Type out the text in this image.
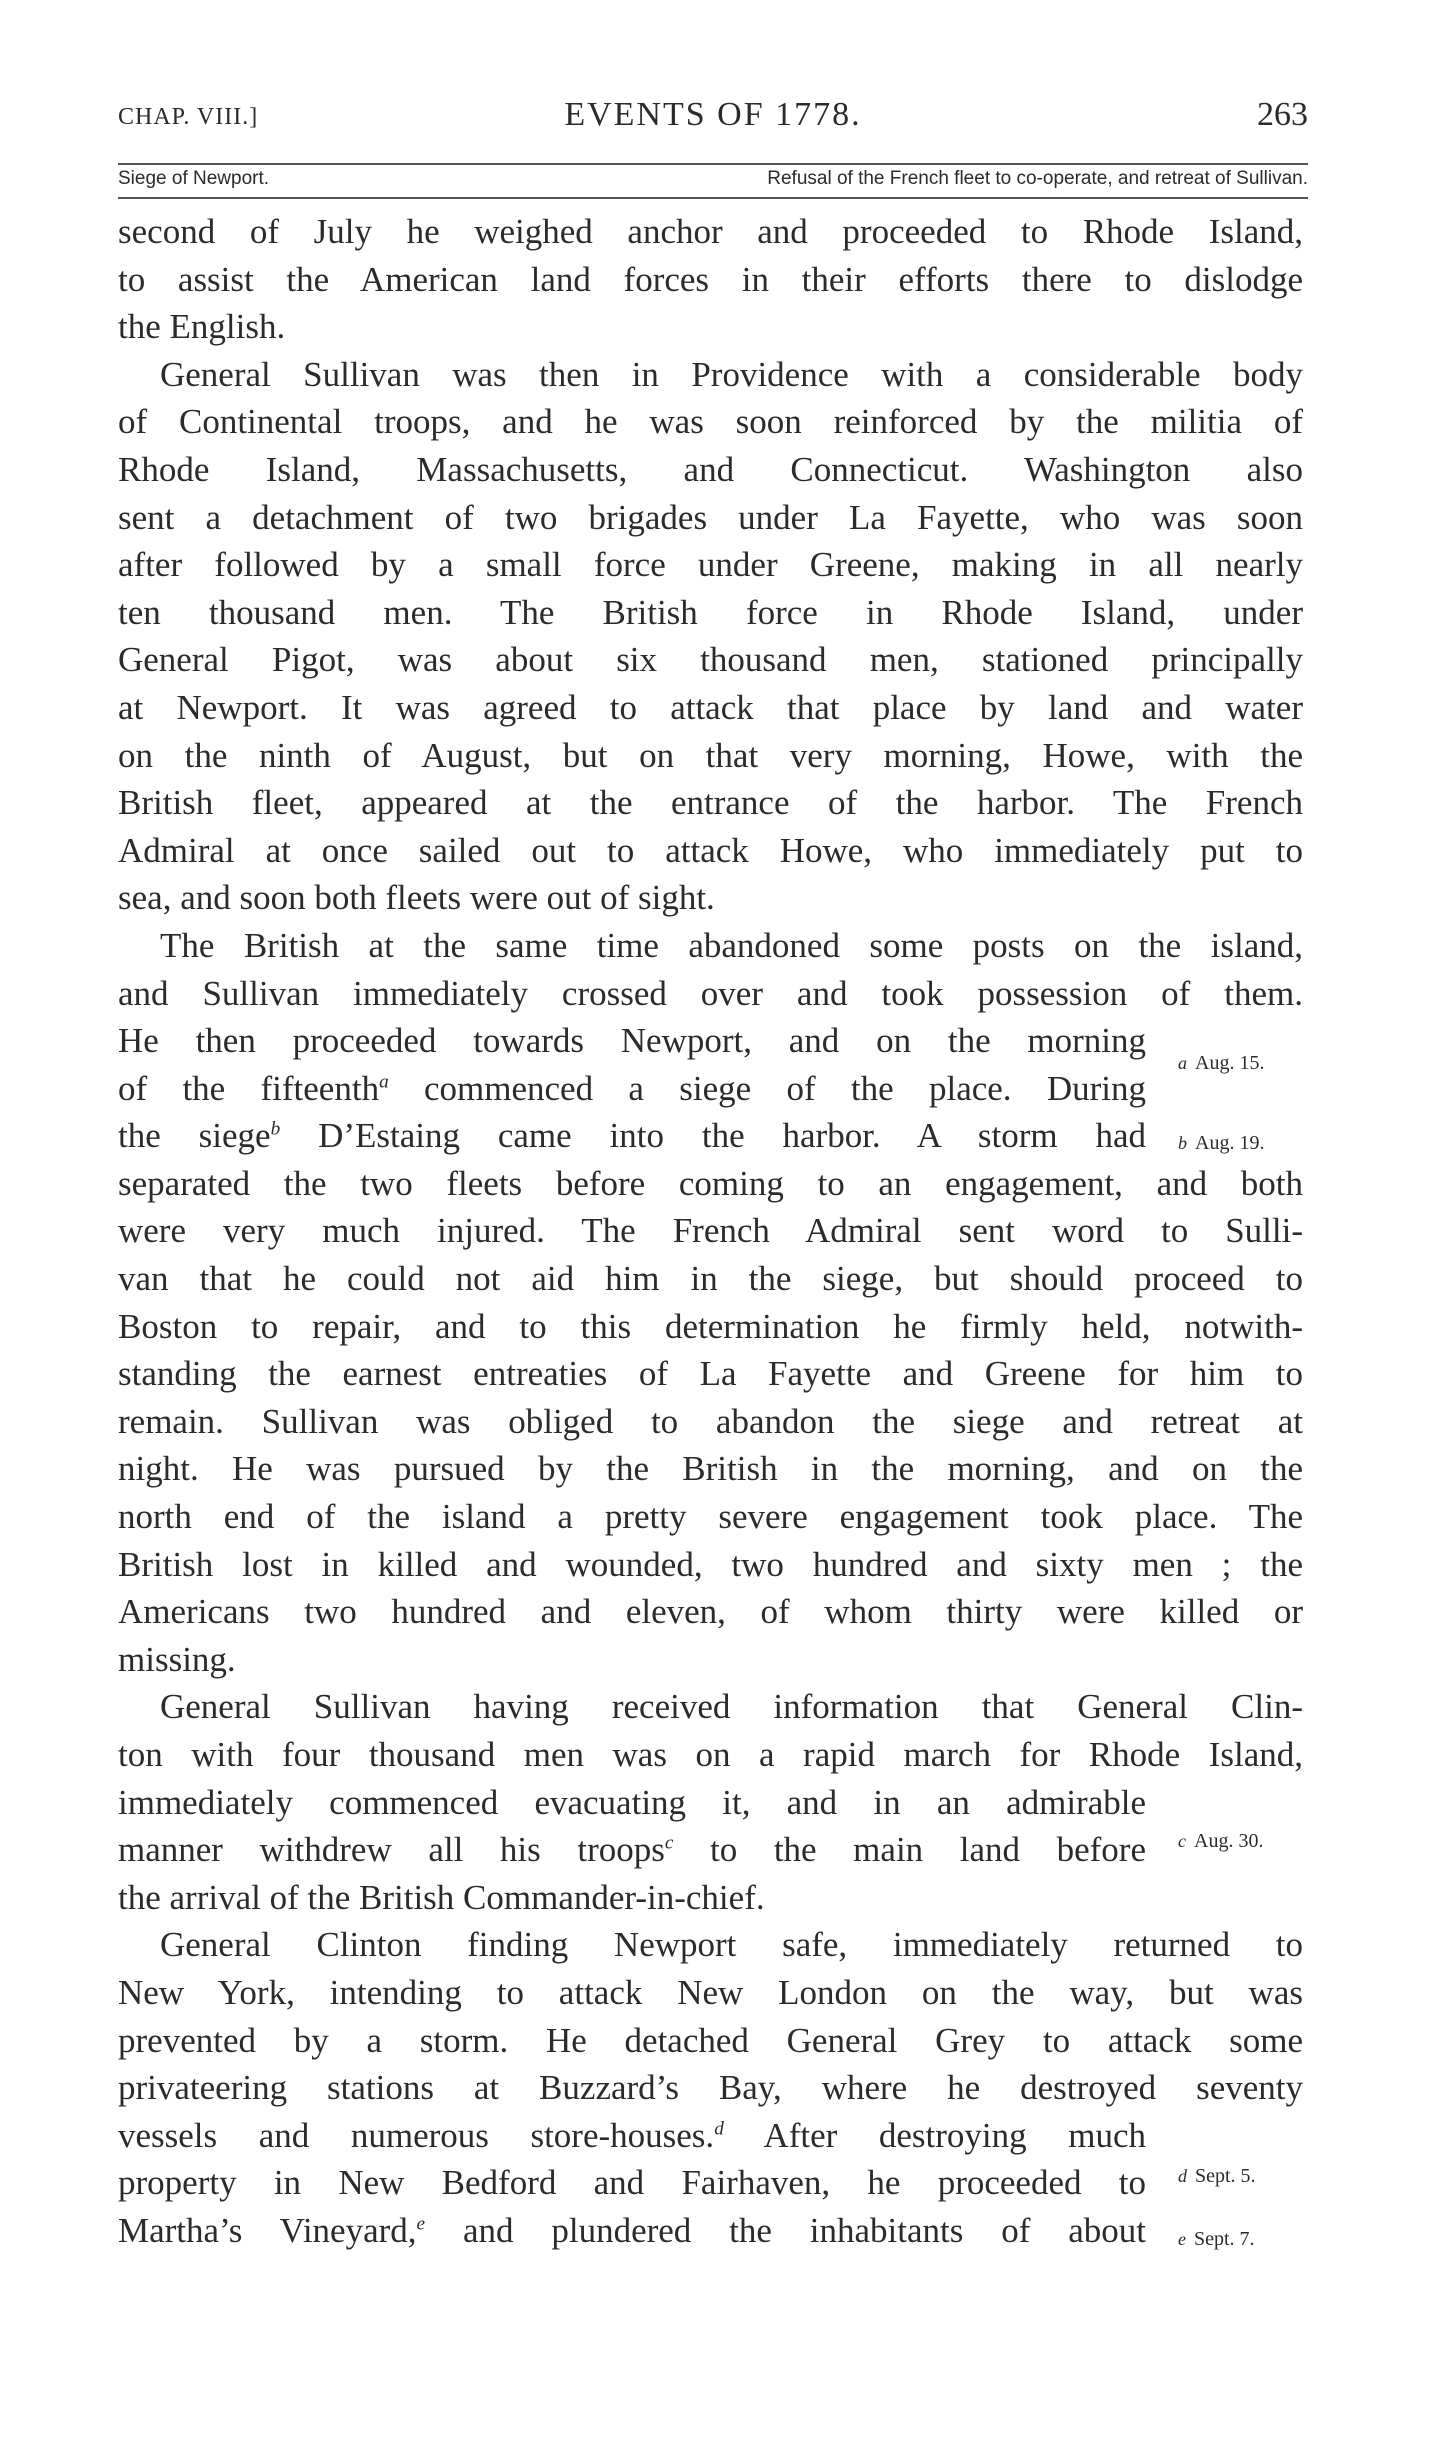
CHAP. VIII.]	EVENTS OF 1778.	263
Siege of Newport.	Refusal of the French fleet to co-operate, and retreat of Sullivan.
second of July he weighed anchor and proceeded to Rhode Island,
to assist the American land forces in their efforts there to dislodge
the English.
General Sullivan was then in Providence with a considerable body
of Continental troops, and he was soon reinforced by the militia of
Rhode Island, Massachusetts, and Connecticut. Washington also
sent a detachment of two brigades under La Fayette, who was soon
after followed by a small force under Greene, making in all nearly
ten thousand men. The British force in Rhode Island, under
General Pigot, was about six thousand men, stationed principally
at Newport. It was agreed to attack that place by land and water
on the ninth of August, but on that very morning, Howe, with the
British fleet, appeared at the entrance of the harbor. The French
Admiral at once sailed out to attack Howe, who immediately put to
sea, and soon both fleets were out of sight.
The British at the same time abandoned some posts on the island,
and Sullivan immediately crossed over and took possession of them.
He then proceeded towards Newport, and on the morning
of the fifteenth$^a$ commenced a siege of the place. During
the siege$^b$ D’Estaing came into the harbor. A storm had
separated the two fleets before coming to an engagement, and both
were very much injured. The French Admiral sent word to Sulli-
van that he could not aid him in the siege, but should proceed to
Boston to repair, and to this determination he firmly held, notwith-
standing the earnest entreaties of La Fayette and Greene for him to
remain. Sullivan was obliged to abandon the siege and retreat at
night. He was pursued by the British in the morning, and on the
north end of the island a pretty severe engagement took place. The
British lost in killed and wounded, two hundred and sixty men ; the
Americans two hundred and eleven, of whom thirty were killed or
missing.
General Sullivan having received information that General Clin-
ton with four thousand men was on a rapid march for Rhode Island,
immediately commenced evacuating it, and in an admirable
manner withdrew all his troops$^c$ to the main land before
the arrival of the British Commander-in-chief.
General Clinton finding Newport safe, immediately returned to
New York, intending to attack New London on the way, but was
prevented by a storm. He detached General Grey to attack some
privateering stations at Buzzard’s Bay, where he destroyed seventy
vessels and numerous store-houses.$^d$ After destroying much
property in New Bedford and Fairhaven, he proceeded to
Martha’s Vineyard,$^e$ and plundered the inhabitants of about
a Aug. 15.
b Aug. 19.
c Aug. 30.
d Sept. 5.
e Sept. 7.
